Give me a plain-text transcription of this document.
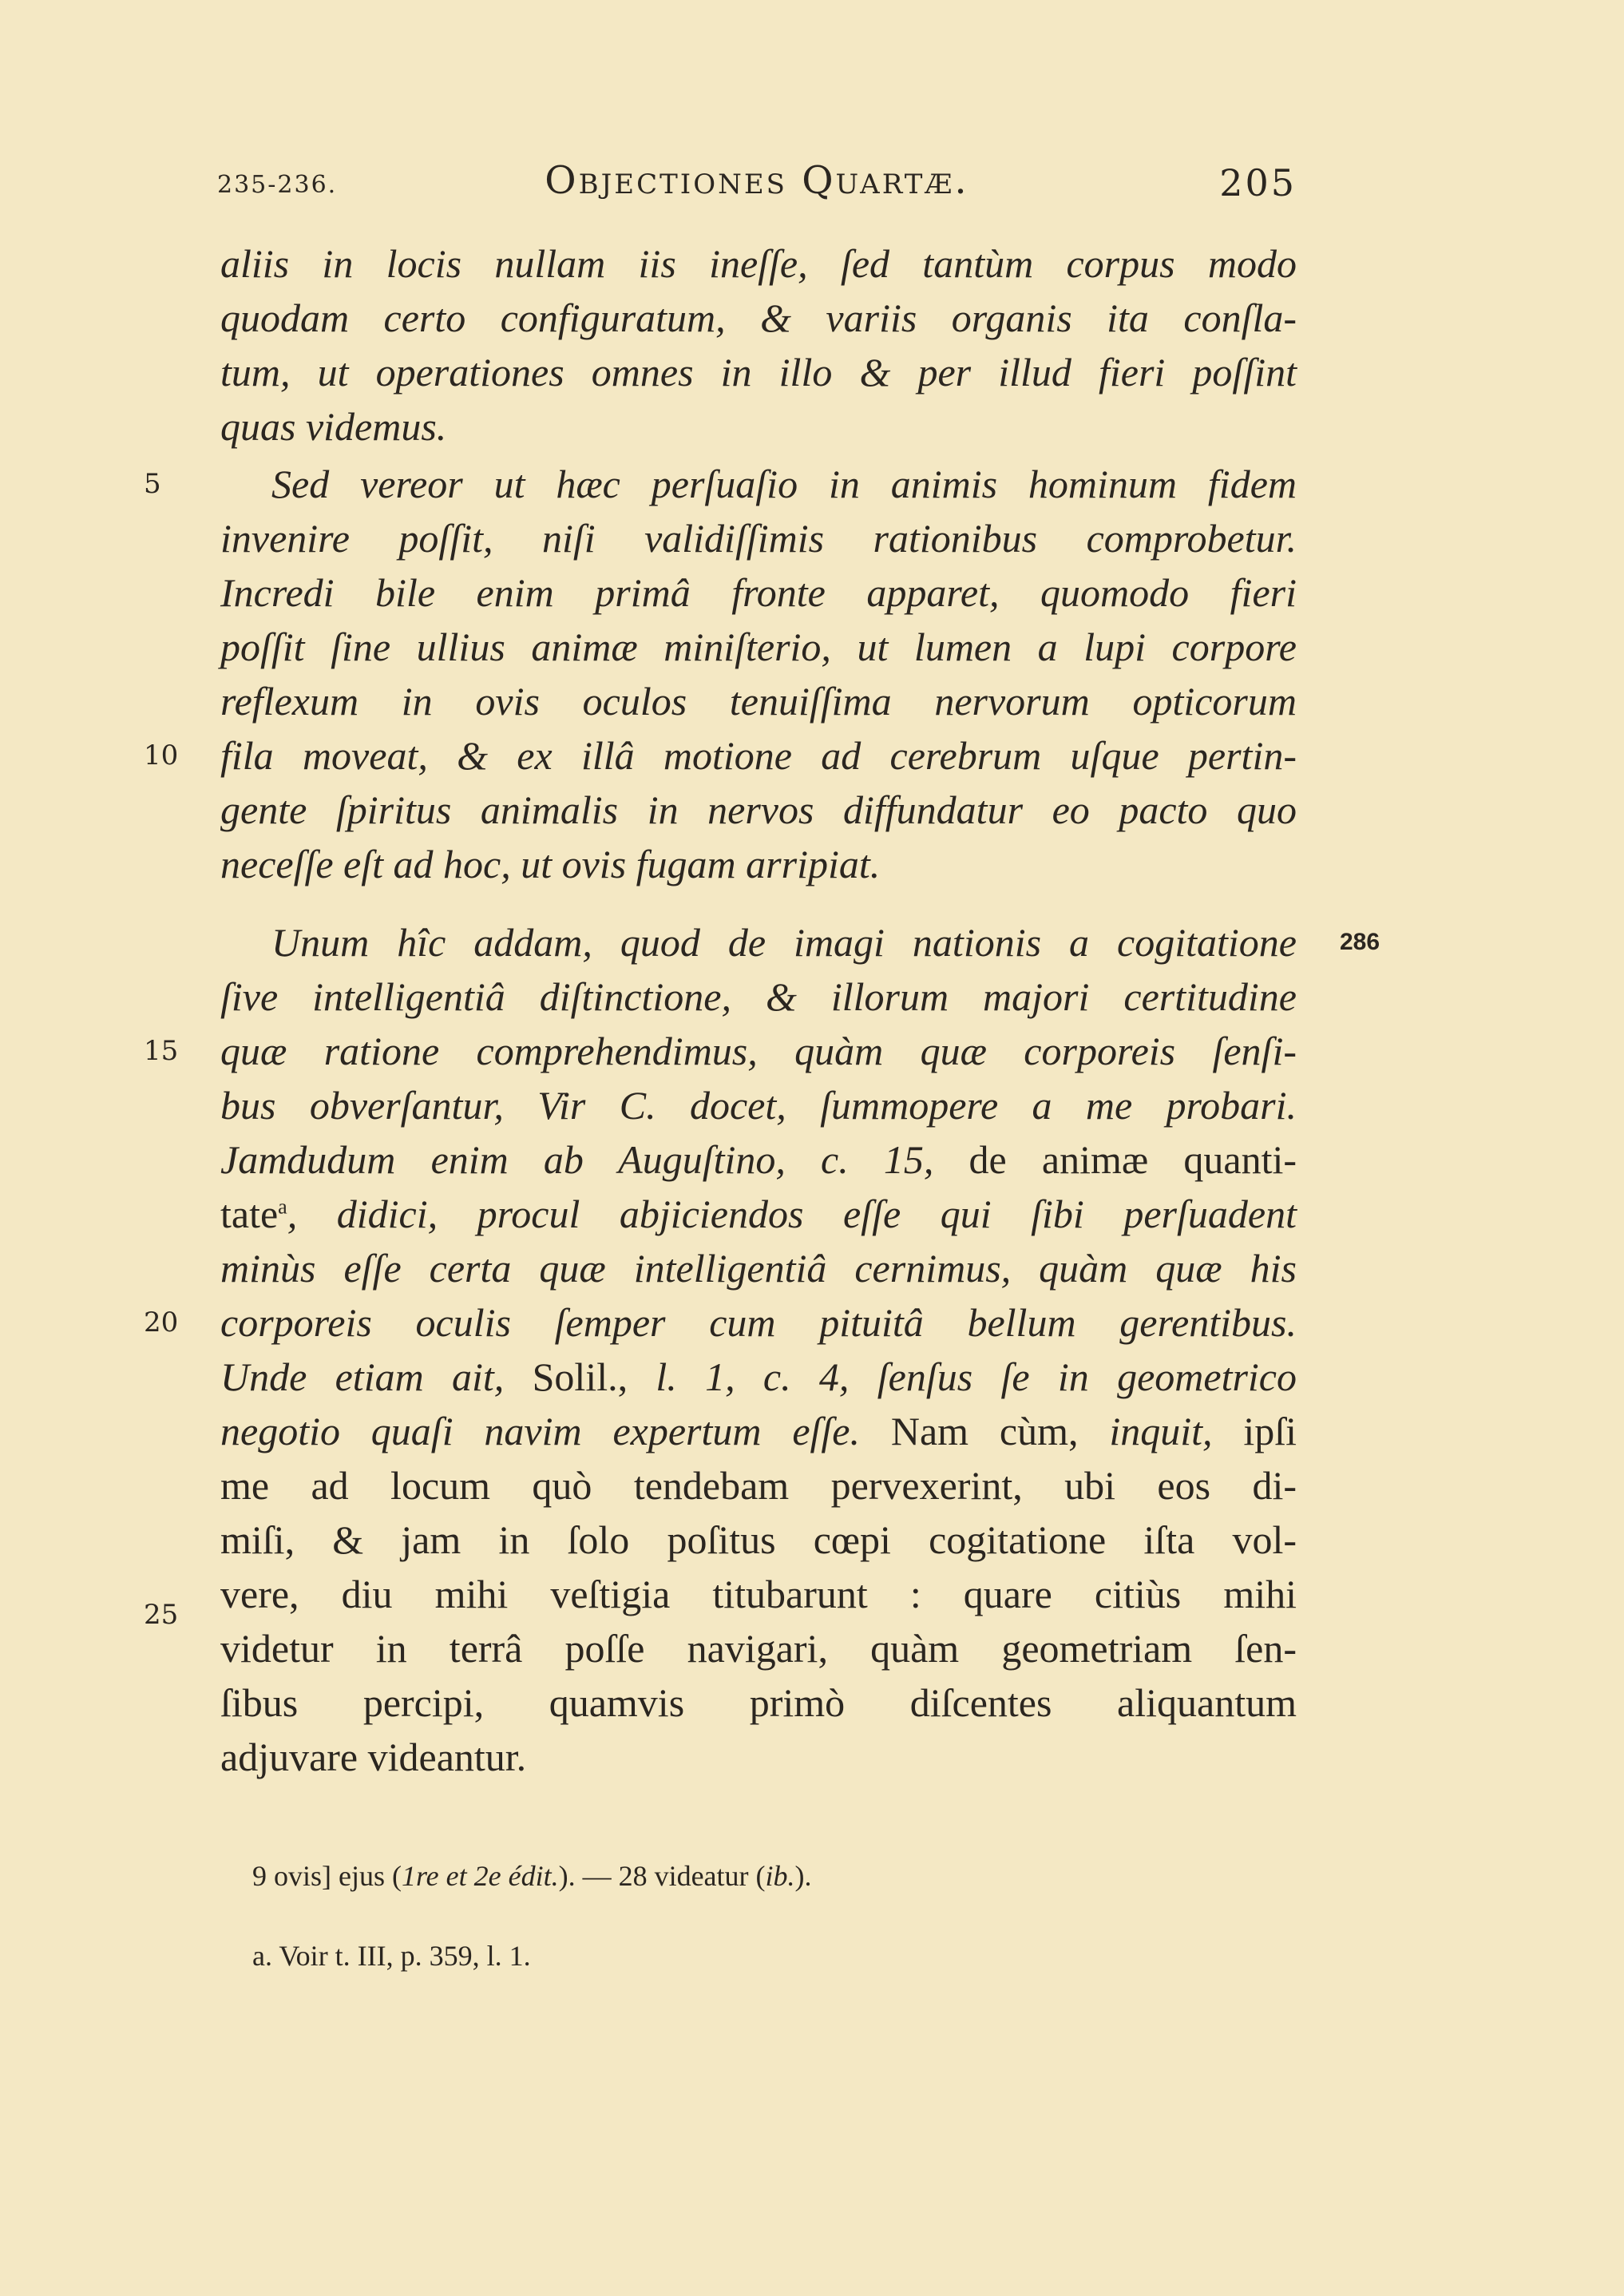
235-236.	Objectiones Quartæ.	205
aliis in locis nullam iis ineſſe, ſed tantùm corpus modo
quodam certo configuratum, & variis organis ita conſla-
tum, ut operationes omnes in illo & per illud fieri poſſint
quas videmus.
Sed vereor ut hæc perſuaſio in animis hominum fidem
invenire poſſit, niſi validiſſimis rationibus comprobetur.
Incredi bile enim primâ fronte apparet, quomodo fieri
poſſit ſine ullius animæ miniſterio, ut lumen a lupi corpore
reflexum in ovis oculos tenuiſſima nervorum opticorum
fila moveat, & ex illâ motione ad cerebrum uſque pertin-
gente ſpiritus animalis in nervos diffundatur eo pacto quo
neceſſe eſt ad hoc, ut ovis fugam arripiat.
Unum hîc addam, quod de imagi nationis a cogitatione
ſive intelligentiâ diſtinctione, & illorum majori certitudine
quæ ratione comprehendimus, quàm quæ corporeis ſenſi-
bus obverſantur, Vir C. docet, ſummopere a me probari.
Jamdudum enim ab Auguſtino, c. 15, de animæ quanti-
tate$^a$, didici, procul abjiciendos eſſe qui ſibi perſuadent
minùs eſſe certa quæ intelligentiâ cernimus, quàm quæ his
corporeis oculis ſemper cum pituitâ bellum gerentibus.
Unde etiam ait, Solil., l. 1, c. 4, ſenſus ſe in geometrico
negotio quaſi navim expertum eſſe. Nam cùm, inquit, ipſi
me ad locum quò tendebam pervexerint, ubi eos di-
miſi, & jam in ſolo poſitus cœpi cogitatione iſta vol-
vere, diu mihi veſtigia titubarunt : quare citiùs mihi
videtur in terrâ poſſe navigari, quàm geometriam ſen-
ſibus percipi, quamvis primò diſcentes aliquantum
adjuvare videantur.
5
10
15
20
25
286
9 ovis] ejus (1re et 2e édit.). — 28 videatur (ib.).
a. Voir t. III, p. 359, l. 1.
